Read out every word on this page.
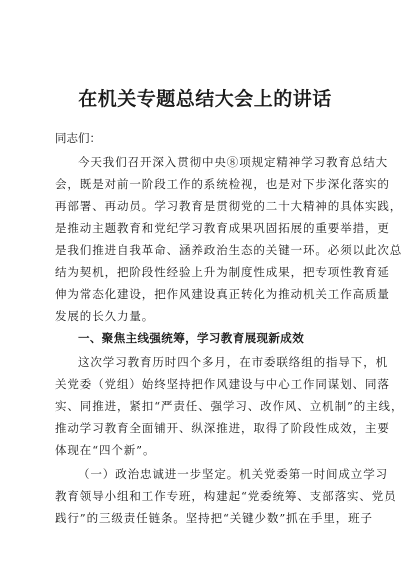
在机关专题总结大会上的讲话
同志们：
今天我们召开深入贯彻中央⑧项规定精神学习教育总结大
会，既是对前一阶段工作的系统检视，也是对下步深化落实的
再部署、再动员。学习教育是贯彻党的二十大精神的具体实践，
是推动主题教育和党纪学习教育成果巩固拓展的重要举措，更
是我们推进自我革命、涵养政治生态的关键一环。必须以此次总
结为契机，把阶段性经验上升为制度性成果，把专项性教育延
伸为常态化建设，把作风建设真正转化为推动机关工作高质量
发展的长久力量。
一、聚焦主线强统筹，学习教育展现新成效
这次学习教育历时四个多月，在市委联络组的指导下，机
关党委（党组）始终坚持把作风建设与中心工作同谋划、同落
实、同推进，紧扣“严责任、强学习、改作风、立机制”的主线，
推动学习教育全面铺开、纵深推进，取得了阶段性成效，主要
体现在“四个新”。
（一）政治忠诚进一步坚定。机关党委第一时间成立学习
教育领导小组和工作专班，构建起“党委统筹、支部落实、党员
践行”的三级责任链条。坚持把“关键少数”抓在手里，班子
